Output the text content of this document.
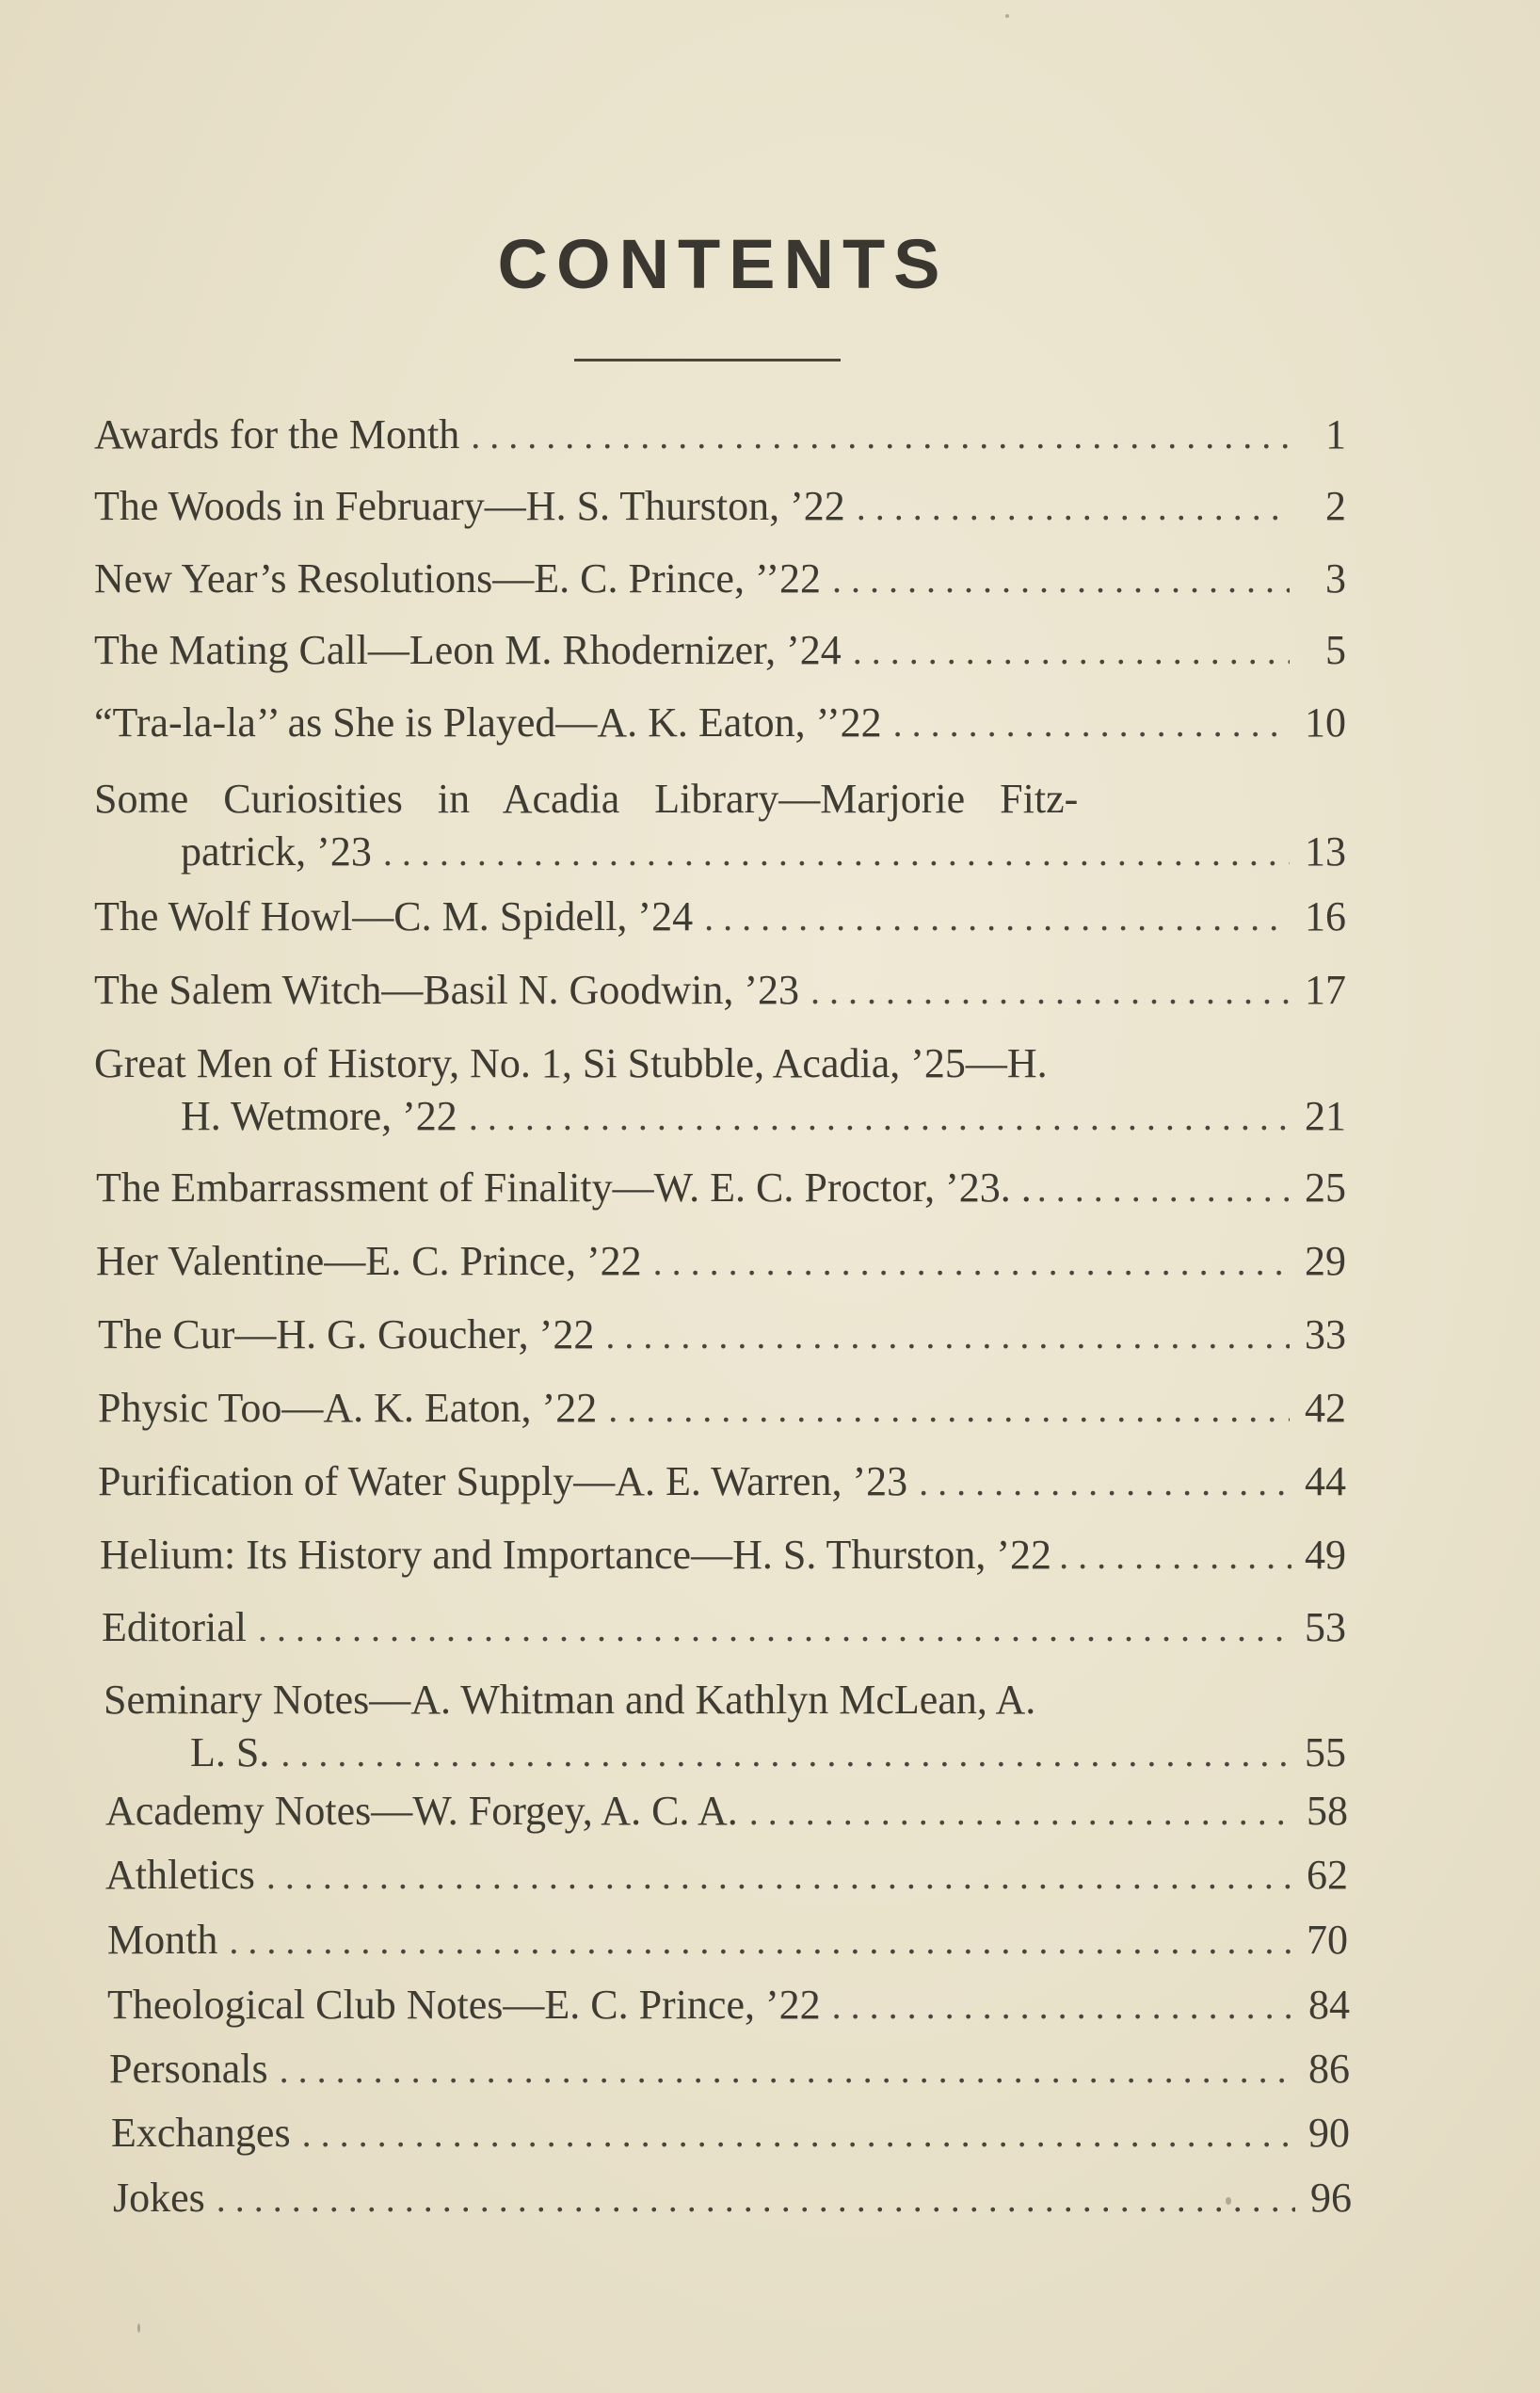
CONTENTS
Awards for the Month . . .	1
The Woods in February—H. S. Thurston, ’22 . . .	2
New Year’s Resolutions—E. C. Prince, ’’22 . . .	3
The Mating Call—Leon M. Rhodernizer, ’24 . . .	5
“Tra-la-la’’ as She is Played—A. K. Eaton, ’’22 . . .	10
Some Curiosities in Acadia Library—Marjorie Fitz-
patrick, ’23 . . .	13
The Wolf Howl—C. M. Spidell, ’24 . . .	16
The Salem Witch—Basil N. Goodwin, ’23 . . .	17
Great Men of History, No. 1, Si Stubble, Acadia, ’25—H.
H. Wetmore, ’22 . . .	21
The Embarrassment of Finality—W. E. C. Proctor, ’23. . . . .	25
Her Valentine—E. C. Prince, ’22 . . .	29
The Cur—H. G. Goucher, ’22 . . .	33
Physic Too—A. K. Eaton, ’22 . . .	42
Purification of Water Supply—A. E. Warren, ’23 . . .	44
Helium: Its History and Importance—H. S. Thurston, ’22 . . .	49
Editorial . . .	53
Seminary Notes—A. Whitman and Kathlyn McLean, A.
L. S. . . .	55
Academy Notes—W. Forgey, A. C. A. . . .	58
Athletics . . .	62
Month . . .	70
Theological Club Notes—E. C. Prince, ’22 . . .	84
Personals . . .	86
Exchanges . . .	90
Jokes . . .	96
